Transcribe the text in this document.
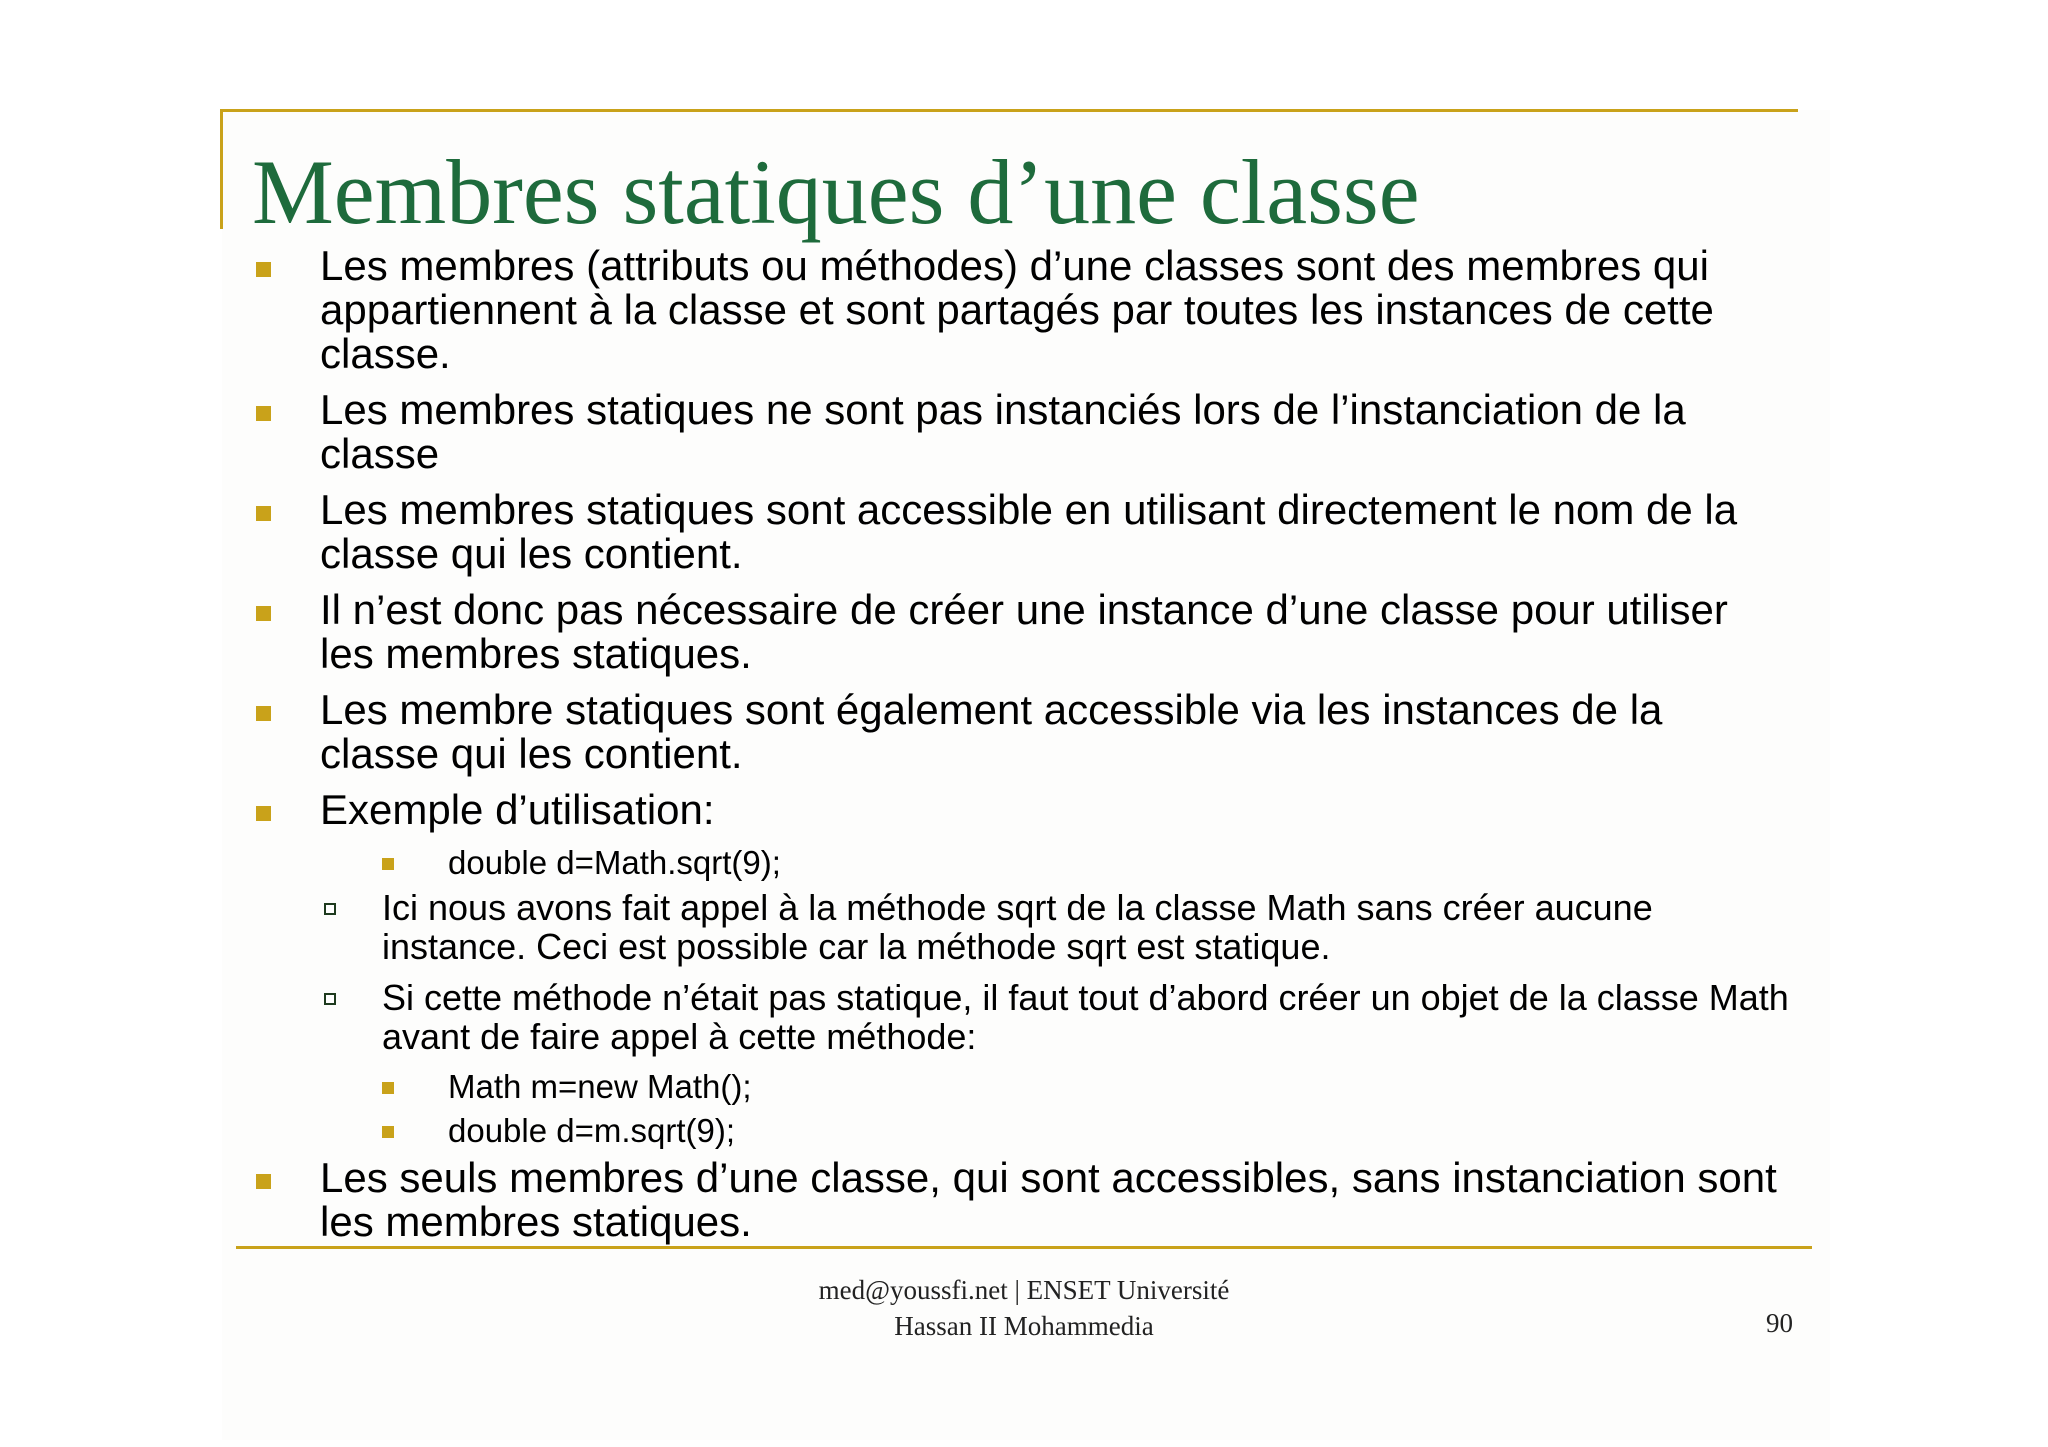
Membres statiques d’une classe
Les membres (attributs ou méthodes) d’une classes sont des membres qui appartiennent à la classe et sont partagés par toutes les instances de cette classe.
Les membres statiques ne sont pas instanciés lors de l’instanciation de la classe
Les membres statiques sont accessible en utilisant directement le nom de la classe qui les contient.
Il n’est donc pas nécessaire de créer une instance d’une classe pour utiliser les membres statiques.
Les membre statiques sont également accessible via les instances de la classe qui les contient.
Exemple d’utilisation:
double d=Math.sqrt(9);
Ici nous avons fait appel à la méthode sqrt de la classe Math sans créer aucune instance. Ceci est possible car la méthode sqrt est statique.
Si cette méthode n’était pas statique, il faut tout d’abord créer un objet de la classe Math avant de faire appel à cette méthode:
Math m=new Math();
double d=m.sqrt(9);
Les seuls membres d’une classe, qui sont accessibles, sans instanciation sont les membres statiques.
med@youssfi.net | ENSET Université
Hassan II Mohammedia	90
